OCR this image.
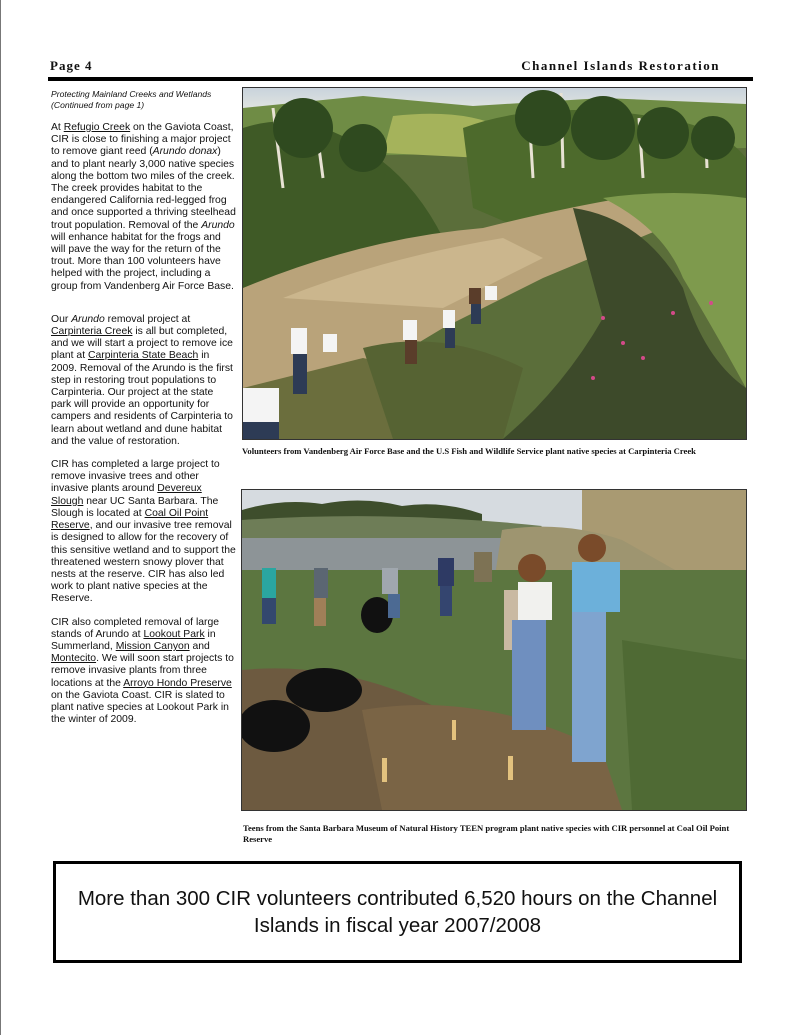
Page 4	Channel Islands Restoration

Protecting Mainland Creeks and Wetlands
(Continued from page 1)

At Refugio Creek on the Gaviota Coast, CIR is close to finishing a major project to remove giant reed (Arundo donax) and to plant nearly 3,000 native species along the bottom two miles of the creek. The creek provides habitat to the endangered California red-legged frog and once supported a thriving steelhead trout population. Removal of the Arundo will enhance habitat for the frogs and will pave the way for the return of the trout. More than 100 volunteers have helped with the project, including a group from Vandenberg Air Force Base.

Our Arundo removal project at Carpinteria Creek is all but completed, and we will start a project to remove ice plant at Carpinteria State Beach in 2009. Removal of the Arundo is the first step in restoring trout populations to Carpinteria. Our project at the state park will provide an opportunity for campers and residents of Carpinteria to learn about wetland and dune habitat and the value of restoration.

CIR has completed a large project to remove invasive trees and other invasive plants around Devereux Slough near UC Santa Barbara. The Slough is located at Coal Oil Point Reserve, and our invasive tree removal is designed to allow for the recovery of this sensitive wetland and to support the threatened western snowy plover that nests at the reserve. CIR has also led work to plant native species at the Reserve.

CIR also completed removal of large stands of Arundo at Lookout Park in Summerland, Mission Canyon and Montecito. We will soon start projects to remove invasive plants from three locations at the Arroyo Hondo Preserve on the Gaviota Coast. CIR is slated to plant native species at Lookout Park in the winter of 2009.

Volunteers from Vandenberg Air Force Base and the U.S Fish and Wildlife Service plant native species at Carpinteria Creek
Teens from the Santa Barbara Museum of Natural History TEEN program plant native species with CIR personnel at Coal Oil Point Reserve
More than 300 CIR volunteers contributed 6,520 hours on the Channel Islands in fiscal year 2007/2008
